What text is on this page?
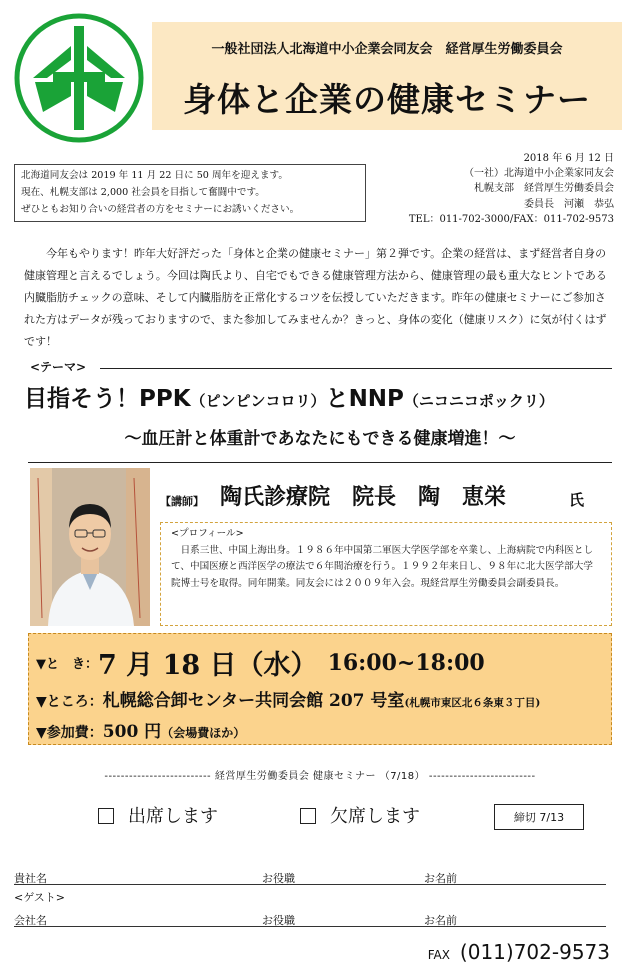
一般社団法人北海道中小企業会同友会　経営厚生労働委員会
身体と企業の健康セミナー
北海道同友会は 2019 年 11 月 22 日に 50 周年を迎えます。
現在、札幌支部は 2,000 社会員を目指して奮闘中です。
ぜひともお知り合いの経営者の方をセミナーにお誘いください。
2018 年 6 月 12 日
（一社）北海道中小企業家同友会
札幌支部　経営厚生労働委員会
委員長　河瀬　恭弘
TEL：011-702-3000/FAX：011-702-9573
今年もやります！昨年大好評だった「身体と企業の健康セミナー」第２弾です。企業の経営は、まず経営者自身の健康管理と言えるでしょう。今回は陶氏より、自宅でもできる健康管理方法から、健康管理の最も重大なヒントである内臓脂肪チェックの意味、そして内臓脂肪を正常化するコツを伝授していただきます。昨年の健康セミナーにご参加された方はデータが残っておりますので、また参加してみませんか？きっと、身体の変化（健康リスク）に気が付くはずです！
<テーマ>
目指そう！PPK（ピンピンコロリ）とNNP（ニコニコポックリ）
～血圧計と体重計であなたにもできる健康増進！～
【講師】 陶氏診療院　院長　陶　恵栄	氏
<プロフィール>
日系三世、中国上海出身。１９８６年中国第二軍医大学医学部を卒業し、上海病院で内科医として、中国医療と西洋医学の療法で６年間治療を行う。１９９２年来日し、９８年に北大医学部大学院博士号を取得。同年開業。同友会には２００９年入会。現経営厚生労働委員会副委員長。
▼と　き：7 月 18 日（水） 16:00~18:00
▼ところ：札幌総合卸センター共同会館 207 号室(札幌市東区北６条東３丁目)
▼参加費：500 円（会場費ほか）
-------------------------- 経営厚生労働委員会 健康セミナー （7/18） --------------------------
出席します	欠席します	締切 7/13
貴社名	お役職	お名前
<ゲスト>
会社名	お役職	お名前
FAX (011)702-9573
